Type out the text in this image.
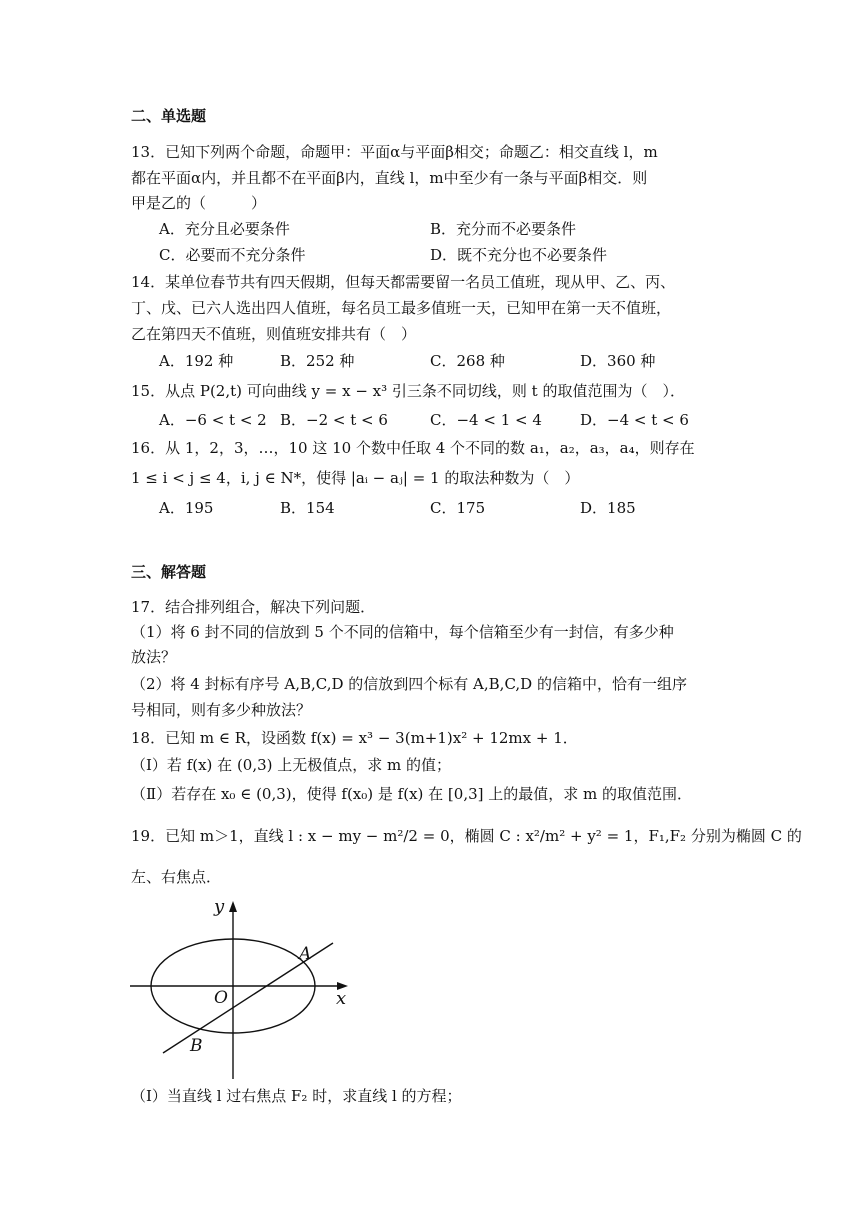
二、单选题
13．已知下列两个命题，命题甲：平面α与平面β相交；命题乙：相交直线 l，m
都在平面α内，并且都不在平面β内，直线 l，m中至少有一条与平面β相交．则
甲是乙的（　　　）
A．充分且必要条件	B．充分而不必要条件
C．必要而不充分条件	D．既不充分也不必要条件
14．某单位春节共有四天假期，但每天都需要留一名员工值班，现从甲、乙、丙、
丁、戊、已六人选出四人值班，每名员工最多值班一天，已知甲在第一天不值班，
乙在第四天不值班，则值班安排共有（　）
A．192 种	B．252 种	C．268 种	D．360 种
15．从点 P(2,t) 可向曲线 y = x − x³ 引三条不同切线，则 t 的取值范围为（　）．
A．−6 < t < 2 B．−2 < t < 6	C．−4 < 1 < 4	D．−4 < t < 6
16．从 1，2，3，…，10 这 10 个数中任取 4 个不同的数 a₁，a₂，a₃，a₄，则存在
1 ≤ i < j ≤ 4，i, j ∈ N*，使得 |aᵢ − aⱼ| = 1 的取法种数为（　）
A．195	B．154	C．175	D．185
三、解答题
17．结合排列组合，解决下列问题．
（1）将 6 封不同的信放到 5 个不同的信箱中，每个信箱至少有一封信，有多少种
放法？
（2）将 4 封标有序号 A,B,C,D 的信放到四个标有 A,B,C,D 的信箱中，恰有一组序
号相同，则有多少种放法？
18．已知 m ∈ R，设函数 f(x) = x³ − 3(m+1)x² + 12mx + 1．
（Ⅰ）若 f(x) 在 (0,3) 上无极值点，求 m 的值；
（Ⅱ）若存在 x₀ ∈ (0,3)，使得 f(x₀) 是 f(x) 在 [0,3] 上的最值，求 m 的取值范围．
19．已知 m＞1，直线 l : x − my − m²/2 = 0，椭圆 C : x²/m² + y² = 1，F₁,F₂ 分别为椭圆 C 的
左、右焦点．
y
x
O
A
B
（Ⅰ）当直线 l 过右焦点 F₂ 时，求直线 l 的方程；
